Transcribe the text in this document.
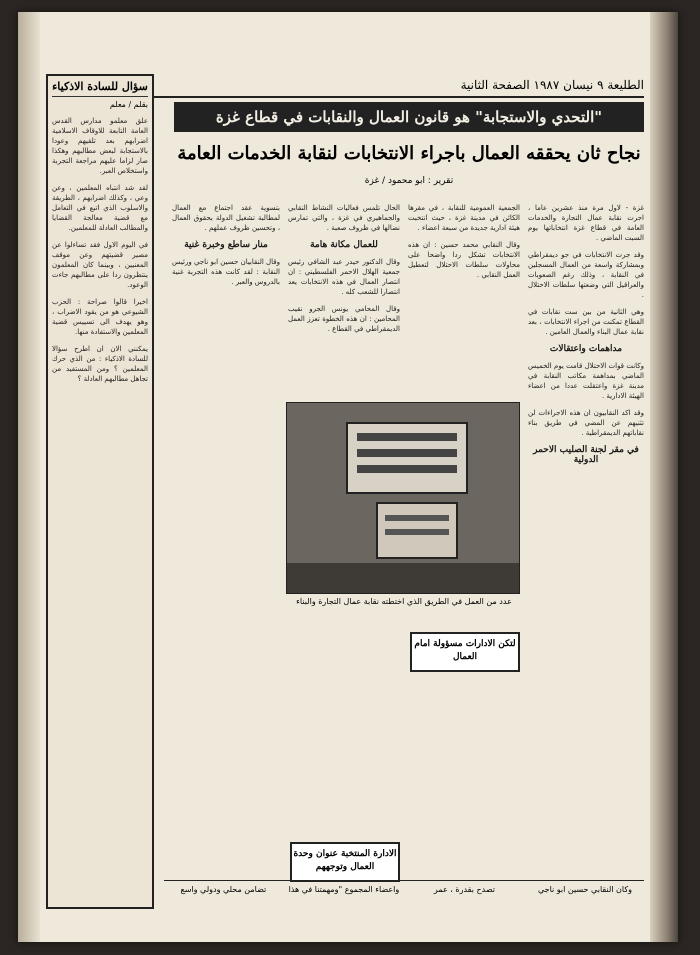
الطليعة ٩ نيسان ١٩٨٧ الصفحة الثانية
سؤال للسادة الاذكياء
بقلم / معلم

علق معلمو مدارس القدس العامة التابعة للاوقاف الاسلامية اضرابهم بعد تلقيهم وعودا بالاستجابة لبعض مطالبهم وهكذا صار لزاما عليهم مراجعة التجربة واستخلاص العبر.

لقد شد انتباه المعلمين ، وعن وعي ، وكذلك اضرابهم ، الطريقة والاسلوب الذي اتبع في التعامل مع قضية معالجة القضايا والمطالب العادلة للمعلمين.

في اليوم الاول فقد تساءلوا عن مصير قضيتهم وعن موقف المعنيين ، وبينما كان المعلمون ينتظرون ردا على مطالبهم جاءت الوعود.

اخيرا قالوا صراحة : الحزب الشيوعي هو من يقود الاضراب ، وهو يهدف الى تسييس قضية المعلمين والاستفادة منها.

يمكنني الان ان اطرح سؤالا للسادة الاذكياء : من الذي حرك المعلمين ؟ ومن المستفيد من تجاهل مطالبهم العادلة ؟

"التحدي والاستجابة" هو قانون العمال والنقابات في قطاع غزة
نجاح ثان يحققه العمال باجراء الانتخابات لنقابة الخدمات العامة
تقرير : ابو محمود / غزة

غزة - لاول مرة منذ عشرين عاما ، اجرت نقابة عمال التجارة والخدمات العامة في قطاع غزة انتخاباتها يوم السبت الماضي .

وقد جرت الانتخابات في جو ديمقراطي وبمشاركة واسعة من العمال المسجلين في النقابة ، وذلك رغم الصعوبات والعراقيل التي وضعتها سلطات الاحتلال .

وهي الثانية من بين ست نقابات في القطاع تمكنت من اجراء الانتخابات ، بعد نقابة عمال البناء والعمال العامين .

مداهمات واعتقالات

وكانت قوات الاحتلال قامت يوم الخميس الماضي بمداهمة مكاتب النقابة في مدينة غزة واعتقلت عددا من اعضاء الهيئة الادارية .

وقد اكد النقابيون ان هذه الاجراءات لن تثنيهم عن المضي في طريق بناء نقاباتهم الديمقراطية .

في مقر لجنة الصليب الاحمر الدولية

الجمعية العمومية للنقابة ، في مقرها الكائن في مدينة غزة ، حيث انتخبت هيئة ادارية جديدة من سبعة اعضاء .

وقال النقابي محمد حسين : ان هذه الانتخابات تشكل ردا واضحا على محاولات سلطات الاحتلال لتعطيل العمل النقابي .

الحال تلمس فعاليات النشاط النقابي والجماهيري في غزة ، والتي تمارس نضالها في ظروف صعبة .

للعمال مكانة هامة

وقال الدكتور حيدر عبد الشافي رئيس جمعية الهلال الاحمر الفلسطيني : ان انتصار العمال في هذه الانتخابات يعد انتصارا للشعب كله .

وقال المحامي يونس الجرو نقيب المحامين : ان هذه الخطوة تعزز العمل الديمقراطي في القطاع .

بتسوية عقد اجتماع مع العمال لمطالبة تشغيل الدولة بحقوق العمال ، وتحسين ظروف عملهم .

منار ساطع وخبرة غنية

وقال النقابيان حسين ابو ناجي ورئيس النقابة : لقد كانت هذه التجربة غنية بالدروس والعبر .

عدد من العمل في الطريق الذي اختطته نقابة عمال التجارة والبناء
لتكن الادارات مسؤولة امام العمال
الادارة المنتخبة عنوان وحدة العمال وتوجههم
وكان النقابي حسين ابو ناجي تصدح بقدرة ، عمر واعضاء المجموع "ومهمتنا في هذا تضامن محلي ودولي واسع
